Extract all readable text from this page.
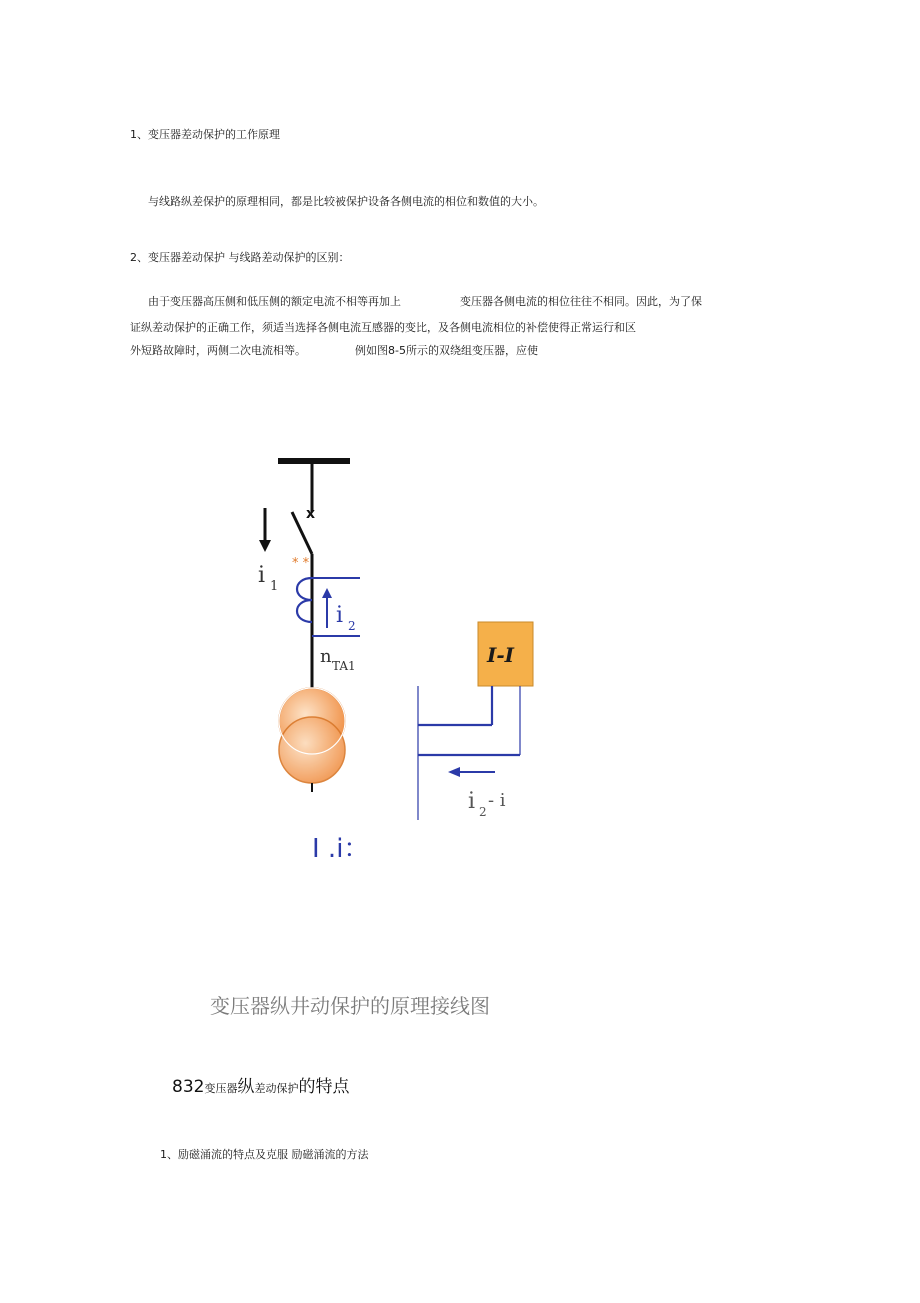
1、变压器差动保护的工作原理
与线路纵差保护的原理相同，都是比较被保护设备各侧电流的相位和数值的大小。
2、变压器差动保护 与线路差动保护的区别：
由于变压器高压侧和低压侧的额定电流不相等再加上	变压器各侧电流的相位往往不相同。因此，为了保
证纵差动保护的正确工作，须适当选择各侧电流互感器的变比，及各侧电流相位的补偿使得正常运行和区
外短路故障时，两侧二次电流相等。	例如图8-5所示的双绕组变压器，应使
x
i 1
* *
i 2
n TA1	I-I
i 2
- i
I .i：
变压器纵井动保护的原理接线图
832变压器纵差动保护的特点
1、励磁涌流的特点及克服 励磁涌流的方法
